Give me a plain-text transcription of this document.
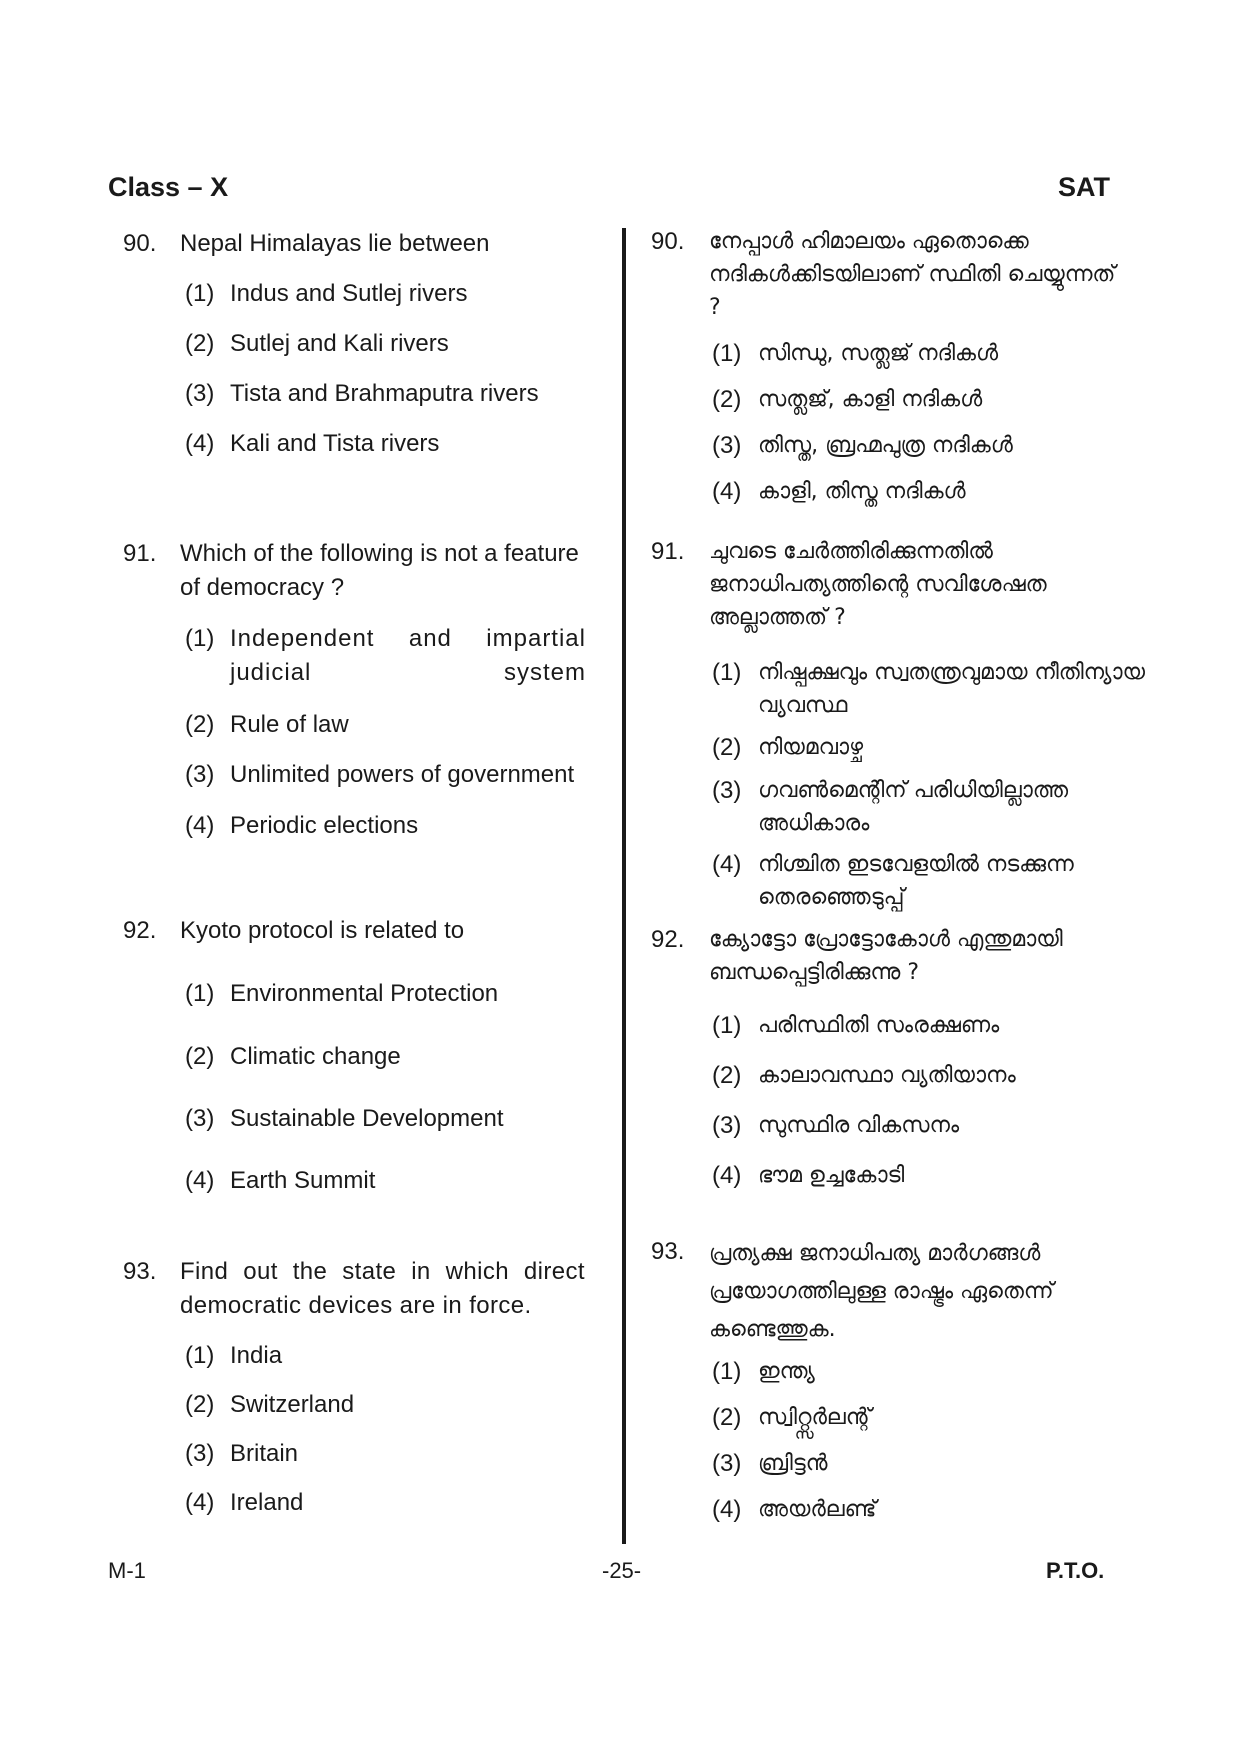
Class – X	SAT
90. Nepal Himalayas lie between
(1) Indus and Sutlej rivers
(2) Sutlej and Kali rivers
(3) Tista and Brahmaputra rivers
(4) Kali and Tista rivers
91. Which of the following is not a feature of democracy ?
(1) Independent and impartial judicial system
(2) Rule of law
(3) Unlimited powers of government
(4) Periodic elections
92. Kyoto protocol is related to
(1) Environmental Protection
(2) Climatic change
(3) Sustainable Development
(4) Earth Summit
93. Find out the state in which direct democratic devices are in force.
(1) India
(2) Switzerland
(3) Britain
(4) Ireland
90.	നേപ്പാൾ ഹിമാലയം ഏതൊക്കെ നദികൾക്കിടയിലാണ് സ്ഥിതി ചെയ്യുന്നത് ?
(1) സിന്ധു, സത്ലജ് നദികൾ
(2) സത്ലജ്, കാളി നദികൾ
(3) തിസ്ത, ബ്രഹ്മപുത്ര നദികൾ
(4) കാളി, തിസ്ത നദികൾ
91.	ചുവടെ ചേർത്തിരിക്കുന്നതിൽ ജനാധിപത്യത്തിന്റെ സവിശേഷത അല്ലാത്തത് ?
(1) നിഷ്പക്ഷവും സ്വതന്ത്രവുമായ നീതിന്യായ വ്യവസ്ഥ
(2) നിയമവാഴ്ച
(3) ഗവൺമെന്റിന് പരിധിയില്ലാത്ത അധികാരം
(4) നിശ്ചിത ഇടവേളയിൽ നടക്കുന്ന തെരഞ്ഞെടുപ്പ്
92.	ക്യോട്ടോ പ്രോട്ടോകോൾ എന്തുമായി ബന്ധപ്പെട്ടിരിക്കുന്നു ?
(1) പരിസ്ഥിതി സംരക്ഷണം
(2) കാലാവസ്ഥാ വ്യതിയാനം
(3) സുസ്ഥിര വികസനം
(4) ഭൗമ ഉച്ചകോടി
93.	പ്രത്യക്ഷ ജനാധിപത്യ മാർഗങ്ങൾ പ്രയോഗത്തിലുള്ള രാഷ്ട്രം ഏതെന്ന് കണ്ടെത്തുക.
(1) ഇന്ത്യ
(2) സ്വിറ്റ്സർലന്റ്
(3) ബ്രിട്ടൻ
(4) അയർലണ്ട്
M-1	-25-	P.T.O.
